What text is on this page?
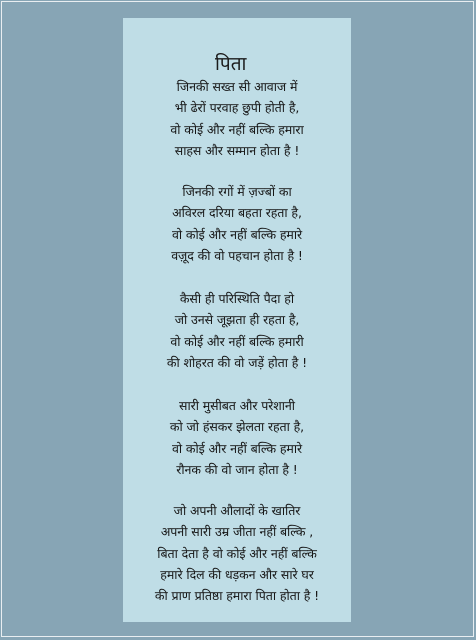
पिता
जिनकी सख्त सी आवाज में
भी ढेरों परवाह छुपी होती है,
वो कोई और नहीं बल्कि हमारा
साहस और सम्मान होता है !
जिनकी रगों में ज़ज्बों का
अविरल दरिया बहता रहता है,
वो कोई और नहीं बल्कि हमारे
वज़ूद की वो पहचान होता है !
कैसी ही परिस्थिति पैदा हो
जो उनसे जूझता ही रहता है,
वो कोई और नहीं बल्कि हमारी
की शोहरत की वो जड़ें होता है !
सारी मुसीबत और परेशानी
को जो हंसकर झेलता रहता है,
वो कोई और नहीं बल्कि हमारे
रौनक की वो जान होता है !
जो अपनी औलादों के खातिर
अपनी सारी उम्र जीता नहीं बल्कि ,
बिता देता है वो कोई और नहीं बल्कि
हमारे दिल की धड़कन और सारे घर
की प्राण प्रतिष्ठा हमारा पिता होता है !
